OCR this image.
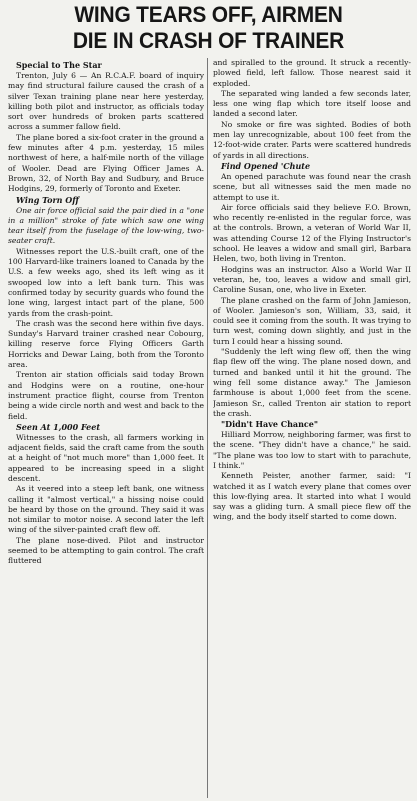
WING TEARS OFF, AIRMEN
DIE IN CRASH OF TRAINER

Special to The Star

Trenton, July 6 — An R.C.A.F. board of inquiry may find structural failure caused the crash of a silver Texan training plane near here yesterday, killing both pilot and instructor, as officials today sort over hundreds of broken parts scattered across a summer fallow field.

The plane bored a six-foot crater in the ground a few minutes after 4 p.m. yesterday, 15 miles northwest of here, a half-mile north of the village of Wooler. Dead are Flying Officer James A. Brown, 32, of North Bay and Sudbury, and Bruce Hodgins, 29, formerly of Toronto and Exeter.

Wing Torn Off

One air force official said the pair died in a "one in a million" stroke of fate which saw one wing tear itself from the fuselage of the low-wing, two-seater craft.

Witnesses report the U.S.-built craft, one of the 100 Harvard-like trainers loaned to Canada by the U.S. a few weeks ago, shed its left wing as it swooped low into a left bank turn. This was confirmed today by security guards who found the lone wing, largest intact part of the plane, 500 yards from the crash-point.

The crash was the second here within five days. Sunday's Harvard trainer crashed near Cobourg, killing reserve force Flying Officers Garth Horricks and Dewar Laing, both from the Toronto area.

Trenton air station officials said today Brown and Hodgins were on a routine, one-hour instrument practice flight, course from Trenton being a wide circle north and west and back to the field.

Seen At 1,000 Feet

Witnesses to the crash, all farmers working in adjacent fields, said the craft came from the south at a height of "not much more" than 1,000 feet. It appeared to be increasing speed in a slight descent.

As it veered into a steep left bank, one witness calling it "almost vertical," a hissing noise could be heard by those on the ground. They said it was not similar to motor noise. A second later the left wing of the silver-painted craft flew off.

The plane nose-dived. Pilot and instructor seemed to be attempting to gain control. The craft fluttered

and spiralled to the ground. It struck a recently-plowed field, left fallow. Those nearest said it exploded.

The separated wing landed a few seconds later, less one wing flap which tore itself loose and landed a second later.

No smoke or fire was sighted. Bodies of both men lay unrecognizable, about 100 feet from the 12-foot-wide crater. Parts were scattered hundreds of yards in all directions.

Find Opened 'Chute

An opened parachute was found near the crash scene, but all witnesses said the men made no attempt to use it.

Air force officials said they believe F.O. Brown, who recently re-enlisted in the regular force, was at the controls. Brown, a veteran of World War II, was attending Course 12 of the Flying Instructor's school. He leaves a widow and small girl, Barbara Helen, two, both living in Trenton.

Hodgins was an instructor. Also a World War II veteran, he, too, leaves a widow and small girl, Caroline Susan, one, who live in Exeter.

The plane crashed on the farm of John Jamieson, of Wooler. Jamieson's son, William, 33, said, it could see it coming from the south. It was trying to turn west, coming down slightly, and just in the turn I could hear a hissing sound.

"Suddenly the left wing flew off, then the wing flap flew off the wing. The plane nosed down, and turned and banked until it hit the ground. The wing fell some distance away." The Jamieson farmhouse is about 1,000 feet from the scene. Jamieson Sr., called Trenton air station to report the crash.

"Didn't Have Chance"

Hilliard Morrow, neighboring farmer, was first to the scene. "They didn't have a chance," he said. "The plane was too low to start with to parachute, I think."

Kenneth Peister, another farmer, said: "I watched it as I watch every plane that comes over this low-flying area. It started into what I would say was a gliding turn. A small piece flew off the wing, and the body itself started to come down.
